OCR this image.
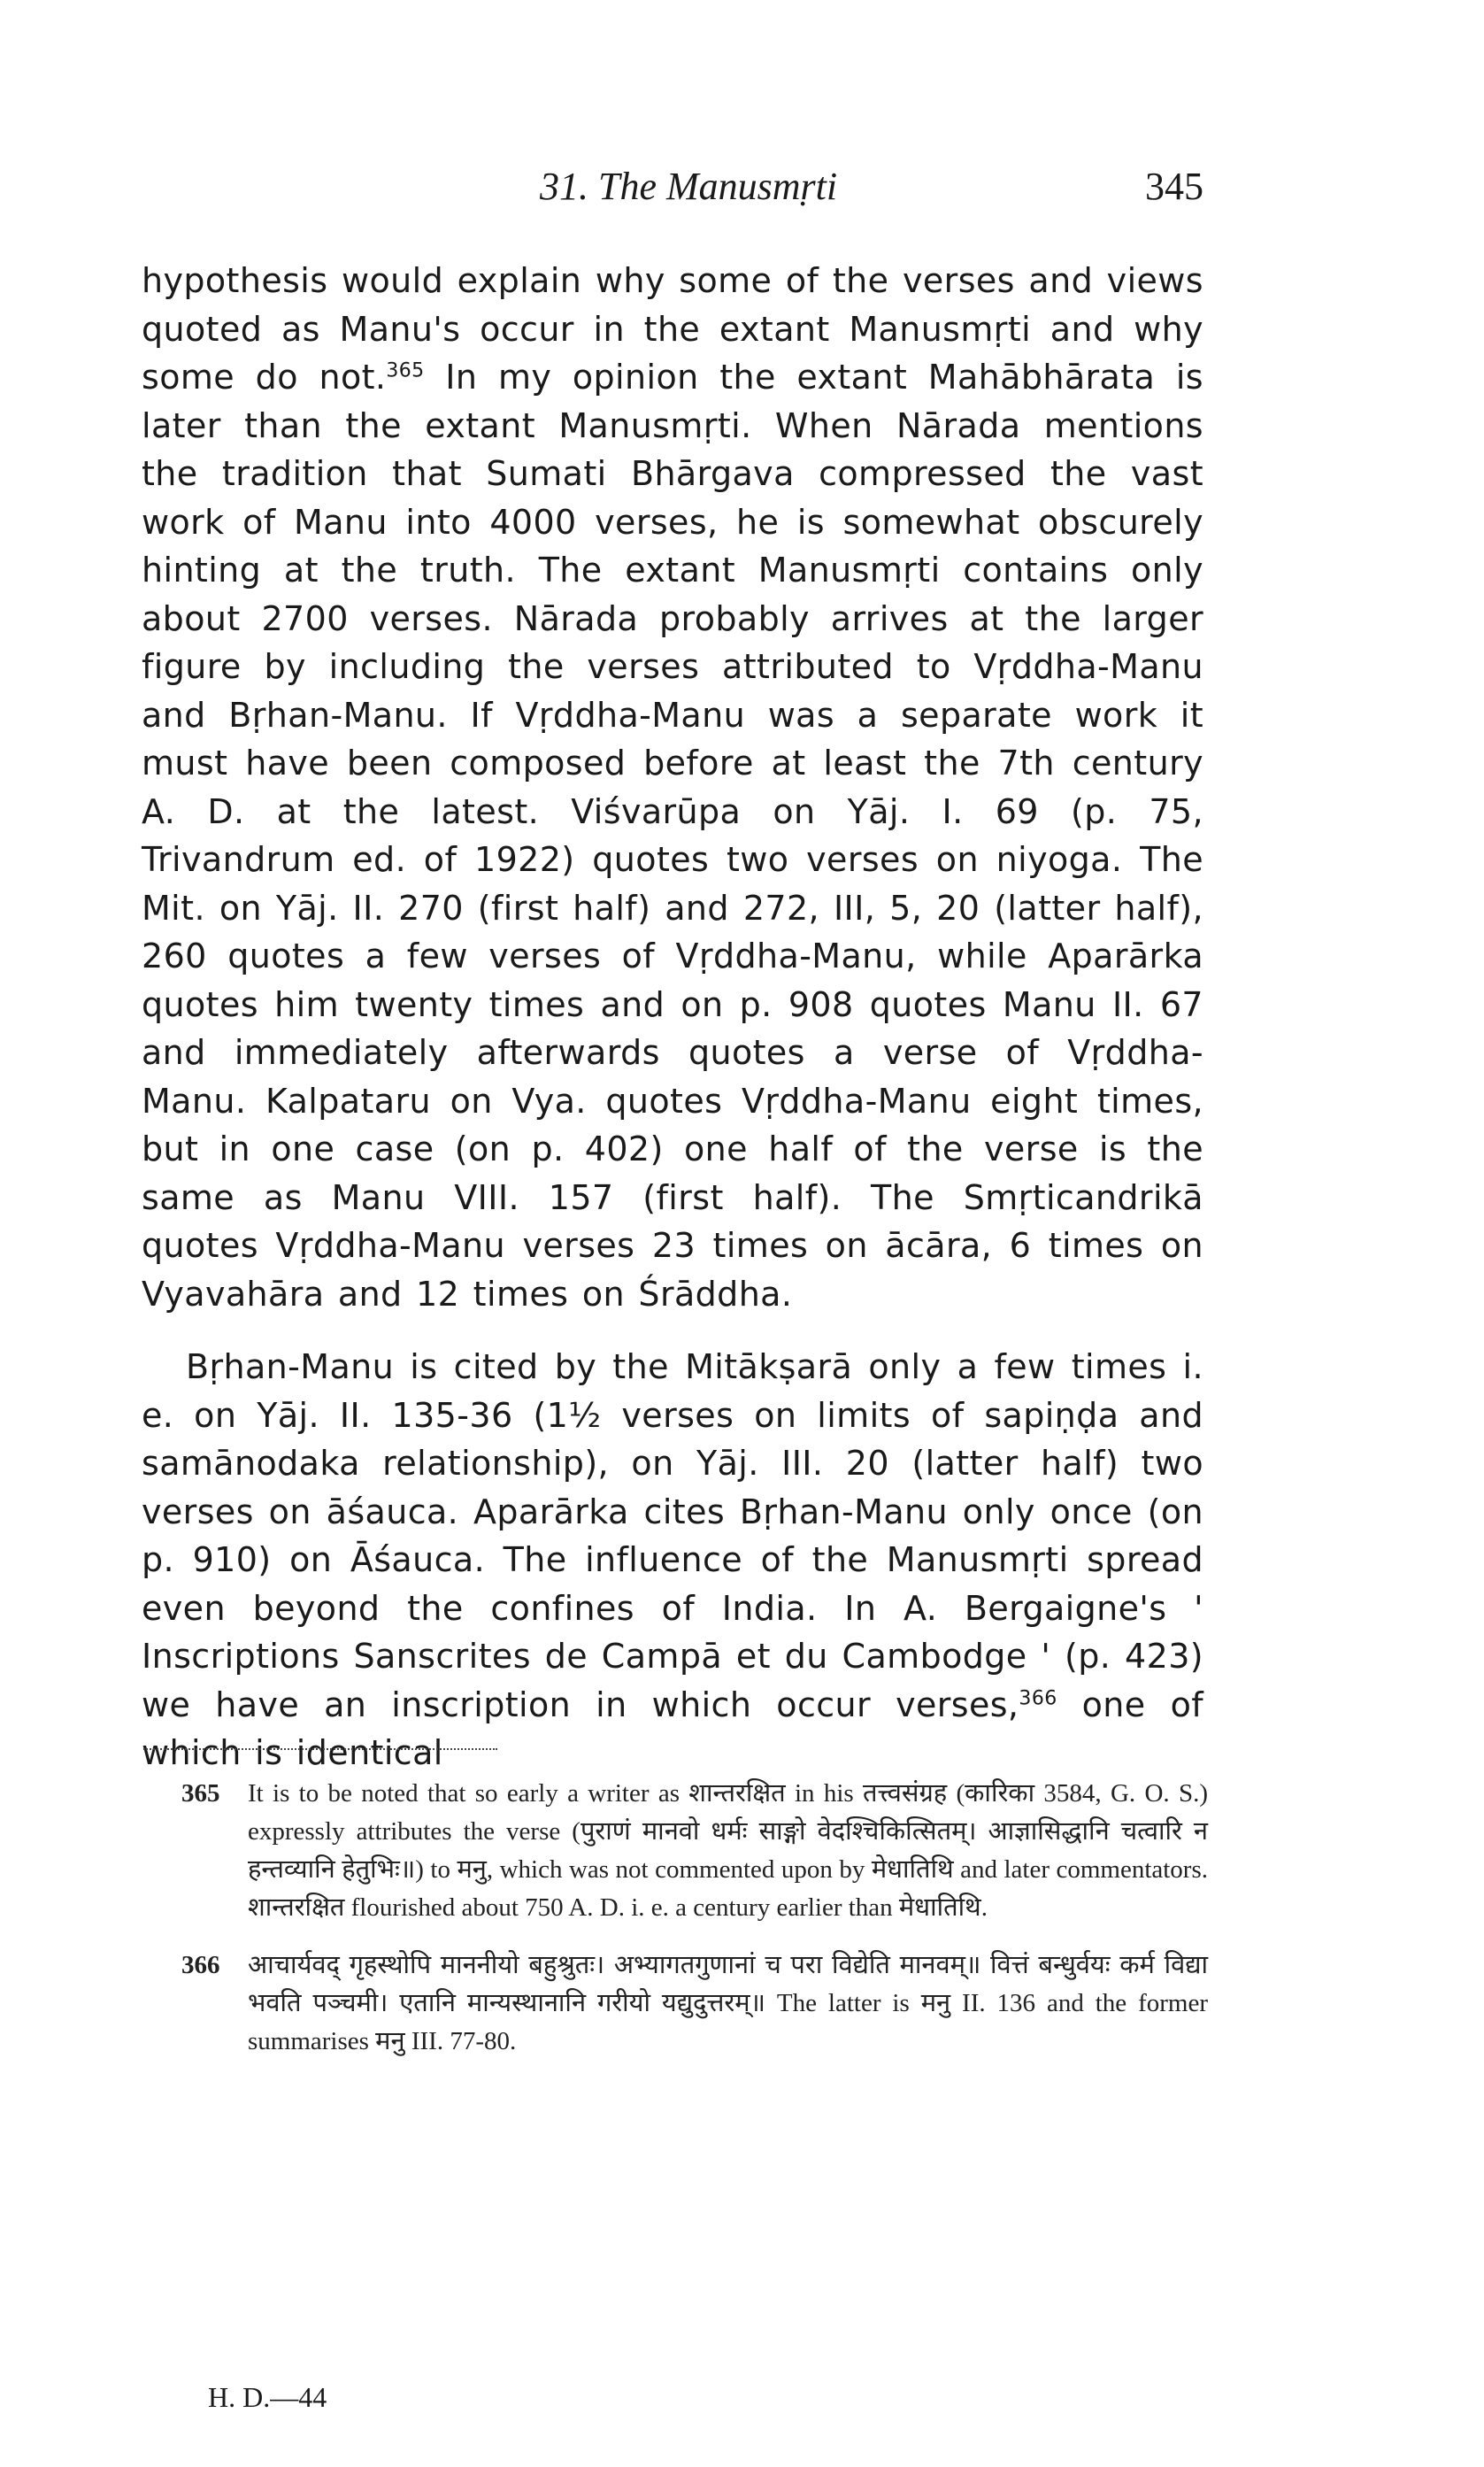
31. The Manusmṛti	345

hypothesis would explain why some of the verses and views quoted as Manu's occur in the extant Manusmṛti and why some do not.$^{365}$ In my opinion the extant Mahābhārata is later than the extant Manusmṛti. When Nārada mentions the tradition that Sumati Bhārgava compressed the vast work of Manu into 4000 verses, he is somewhat obscurely hinting at the truth. The extant Manusmṛti contains only about 2700 verses. Nārada probably arrives at the larger figure by including the verses attributed to Vṛddha-Manu and Bṛhan-Manu. If Vṛddha-Manu was a separate work it must have been composed before at least the 7th century A. D. at the latest. Viśvarūpa on Yāj. I. 69 (p. 75, Trivandrum ed. of 1922) quotes two verses on niyoga. The Mit. on Yāj. II. 270 (first half) and 272, III, 5, 20 (latter half), 260 quotes a few verses of Vṛddha-Manu, while Aparārka quotes him twenty times and on p. 908 quotes Manu II. 67 and immediately afterwards quotes a verse of Vṛddha-Manu. Kalpataru on Vya. quotes Vṛddha-Manu eight times, but in one case (on p. 402) one half of the verse is the same as Manu VIII. 157 (first half). The Smṛticandrikā quotes Vṛddha-Manu verses 23 times on ācāra, 6 times on Vyavahāra and 12 times on Śrāddha.

Bṛhan-Manu is cited by the Mitākṣarā only a few times i. e. on Yāj. II. 135-36 (1½ verses on limits of sapiṇḍa and samānodaka relationship), on Yāj. III. 20 (latter half) two verses on āśauca. Aparārka cites Bṛhan-Manu only once (on p. 910) on Āśauca. The influence of the Manusmṛti spread even beyond the confines of India. In A. Bergaigne's ' Inscriptions Sanscrites de Campā et du Cambodge ' (p. 423) we have an inscription in which occur verses,$^{366}$ one of which is identical

365 It is to be noted that so early a writer as शान्तरक्षित in his तत्त्वसंग्रह (कारिका 3584, G. O. S.) expressly attributes the verse (पुराणं मानवो धर्मः साङ्गो वेदश्चिकित्सितम्। आज्ञासिद्धानि चत्वारि न हन्तव्यानि हेतुभिः॥) to मनु, which was not commented upon by मेधातिथि and later commentators. शान्तरक्षित flourished about 750 A. D. i. e. a century earlier than मेधातिथि.
366 आचार्यवद् गृहस्थोपि माननीयो बहुश्रुतः। अभ्यागतगुणानां च परा विद्येति मानवम्॥ वित्तं बन्धुर्वयः कर्म विद्या भवति पञ्चमी। एतानि मान्यस्थानानि गरीयो यद्युदुत्तरम्॥ The latter is मनु II. 136 and the former summarises मनु III. 77-80.
H. D.—44
